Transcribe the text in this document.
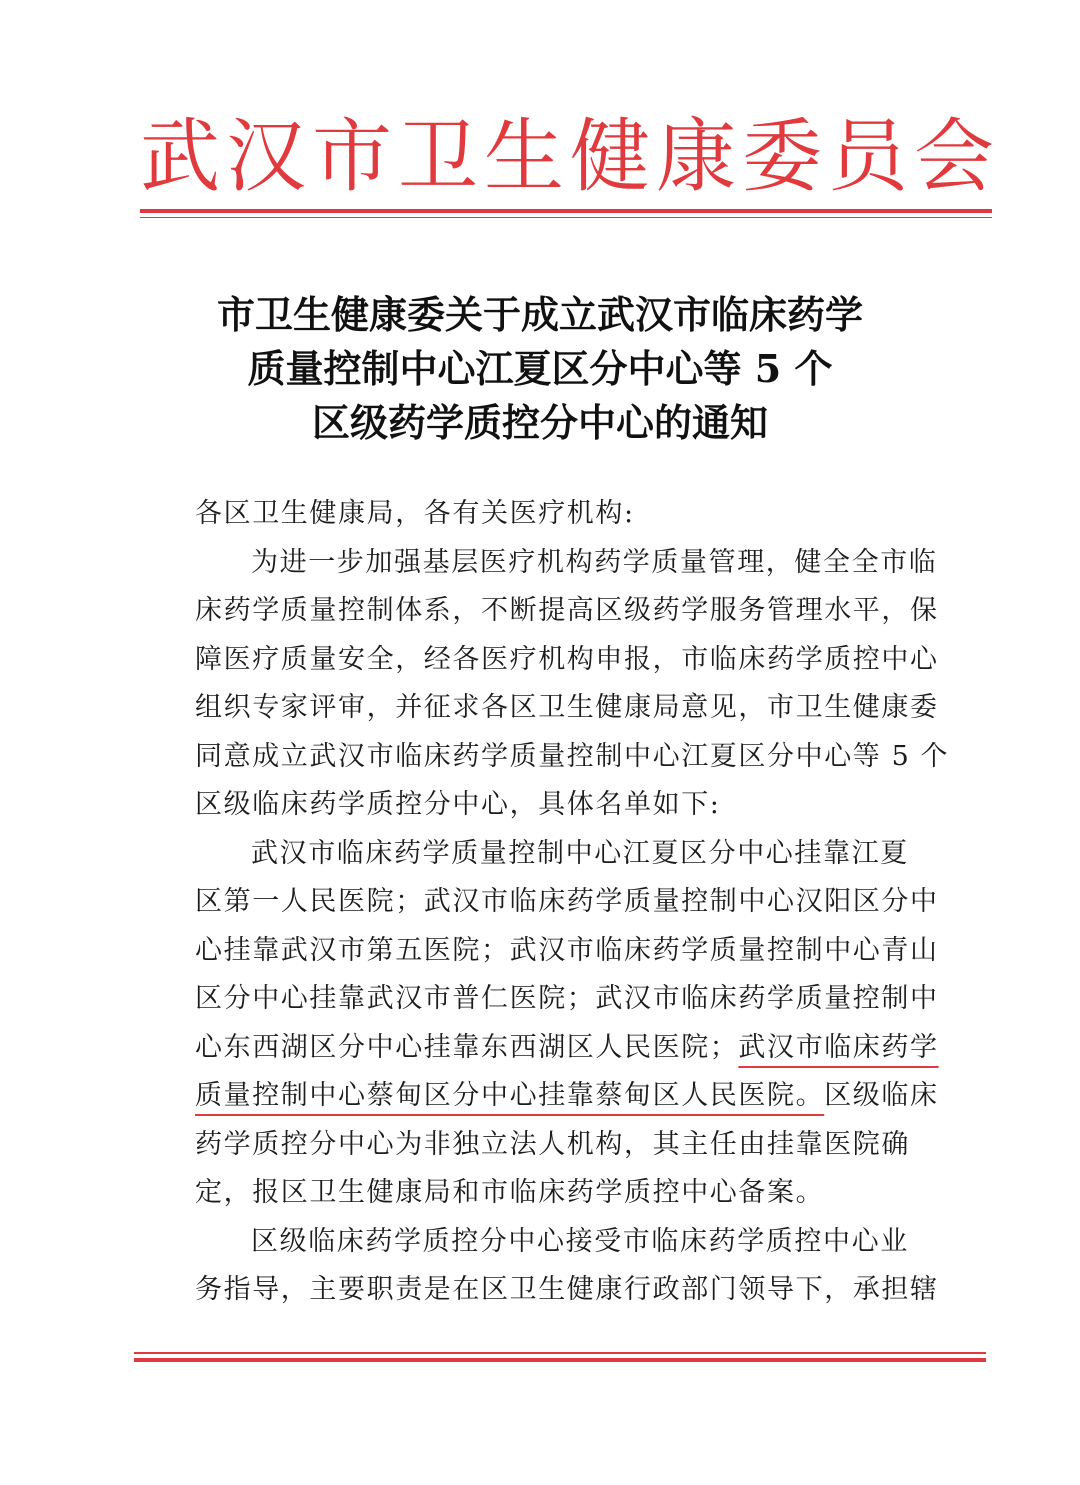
武汉市卫生健康委员会
市卫生健康委关于成立武汉市临床药学
质量控制中心江夏区分中心等 5 个
区级药学质控分中心的通知
各区卫生健康局，各有关医疗机构:
为进一步加强基层医疗机构药学质量管理，健全全市临
床药学质量控制体系，不断提高区级药学服务管理水平，保
障医疗质量安全，经各医疗机构申报，市临床药学质控中心
组织专家评审，并征求各区卫生健康局意见，市卫生健康委
同意成立武汉市临床药学质量控制中心江夏区分中心等 5 个
区级临床药学质控分中心，具体名单如下:
武汉市临床药学质量控制中心江夏区分中心挂靠江夏
区第一人民医院；武汉市临床药学质量控制中心汉阳区分中
心挂靠武汉市第五医院；武汉市临床药学质量控制中心青山
区分中心挂靠武汉市普仁医院；武汉市临床药学质量控制中
心东西湖区分中心挂靠东西湖区人民医院；武汉市临床药学
质量控制中心蔡甸区分中心挂靠蔡甸区人民医院。区级临床
药学质控分中心为非独立法人机构，其主任由挂靠医院确
定，报区卫生健康局和市临床药学质控中心备案。
区级临床药学质控分中心接受市临床药学质控中心业
务指导，主要职责是在区卫生健康行政部门领导下，承担辖
